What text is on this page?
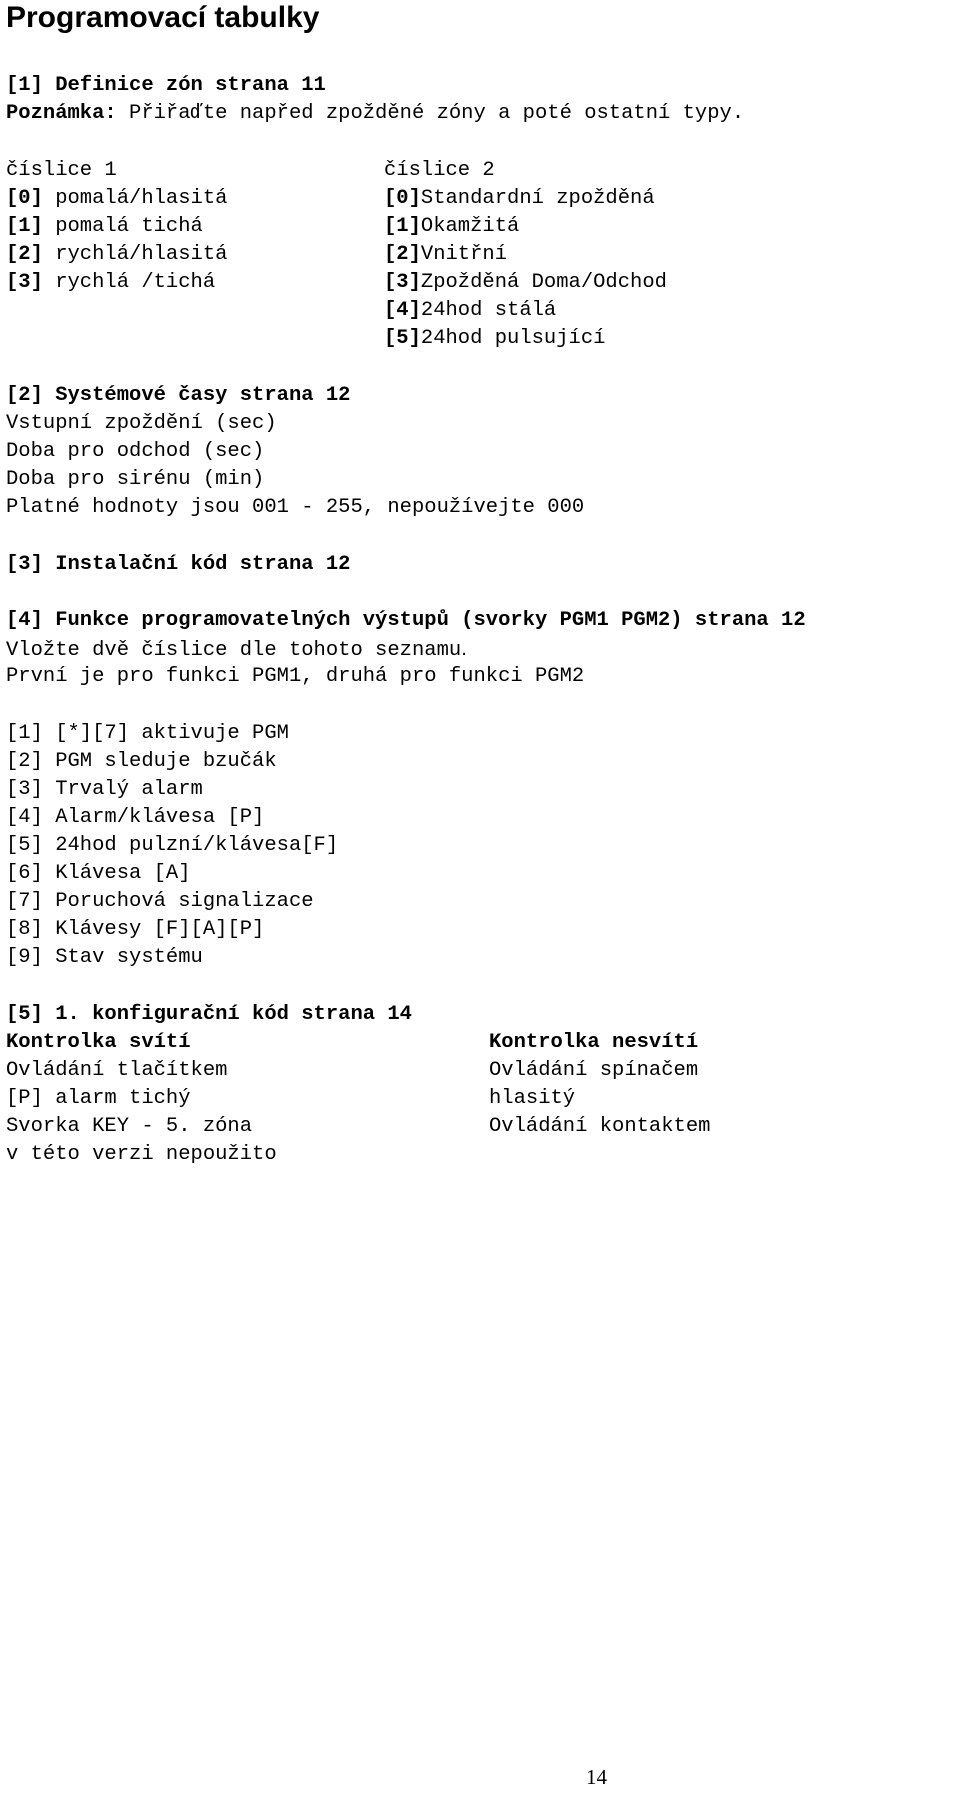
Programovací tabulky
[1] Definice zón strana 11
Poznámka: Přiřaďte napřed zpožděné zóny a poté ostatní typy.
číslice 1	číslice 2
[0] pomalá/hlasitá
[1] pomalá tichá
[2] rychlá/hlasitá
[3] rychlá /tichá
[0]Standardní zpožděná
[1]Okamžitá
[2]Vnitřní
[3]Zpožděná Doma/Odchod
[4]24hod stálá
[5]24hod pulsující
[2] Systémové časy strana 12
Vstupní zpoždění (sec)
Doba pro odchod (sec)
Doba pro sirénu (min)
Platné hodnoty jsou 001 - 255, nepoužívejte 000
[3] Instalační kód strana 12
[4] Funkce programovatelných výstupů (svorky PGM1 PGM2) strana 12
Vložte dvě číslice dle tohoto seznamu.
První je pro funkci PGM1, druhá pro funkci PGM2
[1] [*][7] aktivuje PGM
[2] PGM sleduje bzučák
[3] Trvalý alarm
[4] Alarm/klávesa [P]
[5] 24hod pulzní/klávesa[F]
[6] Klávesa [A]
[7] Poruchová signalizace
[8] Klávesy [F][A][P]
[9] Stav systému
[5] 1. konfigurační kód strana 14
Kontrolka svítí	Kontrolka nesvítí
Ovládání tlačítkem
[P] alarm tichý
Svorka KEY - 5. zóna
v této verzi nepoužito
Ovládání spínačem
hlasitý
Ovládání kontaktem
14
